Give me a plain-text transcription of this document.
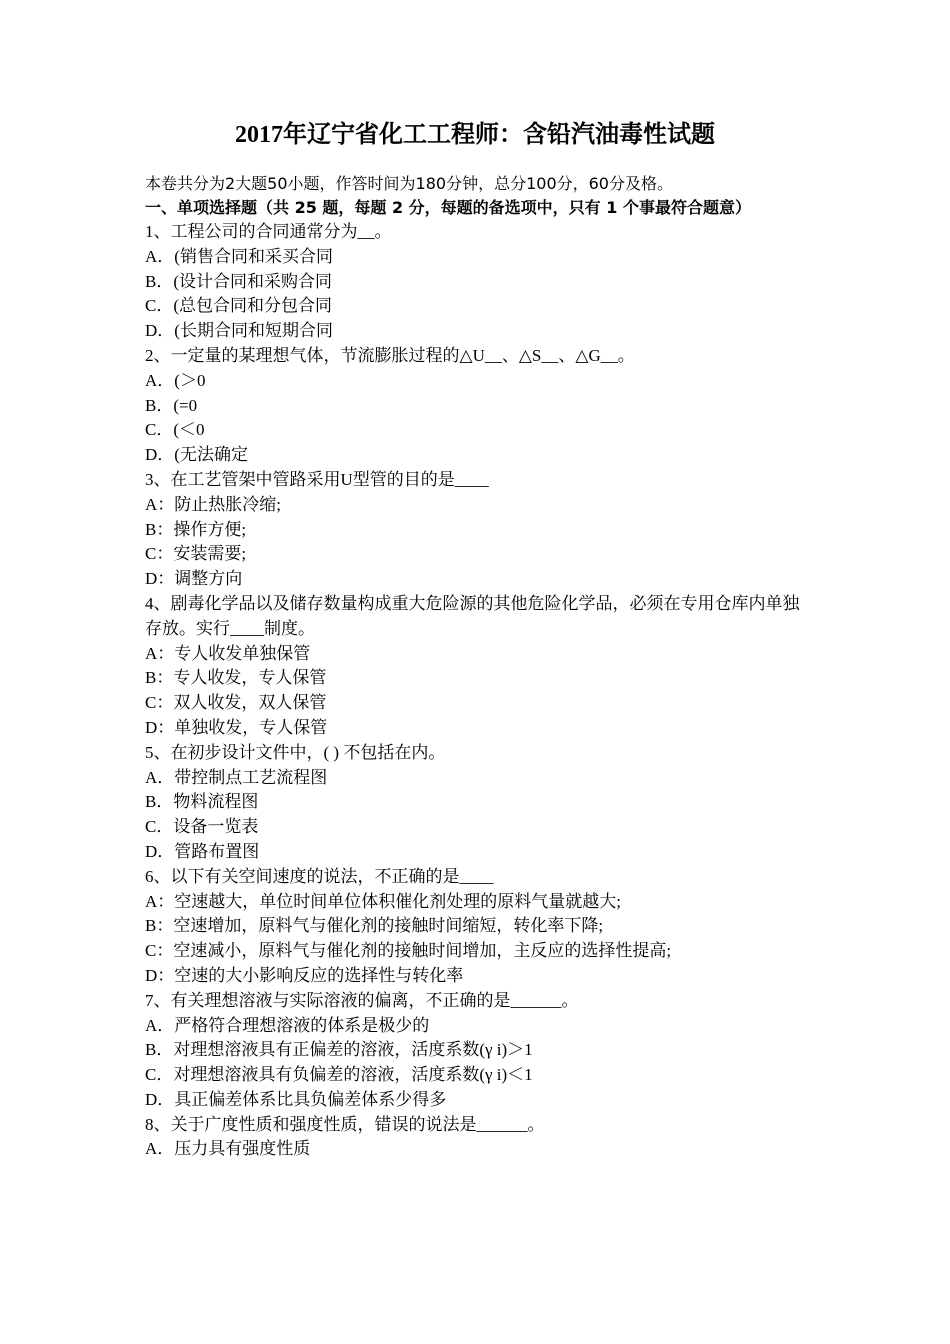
2017年辽宁省化工工程师：含铅汽油毒性试题
本卷共分为2大题50小题，作答时间为180分钟，总分100分，60分及格。
一、单项选择题（共 25 题，每题 2 分，每题的备选项中，只有 1 个事最符合题意）
1、工程公司的合同通常分为__。
A．(销售合同和采买合同
B．(设计合同和采购合同
C．(总包合同和分包合同
D．(长期合同和短期合同
2、一定量的某理想气体，节流膨胀过程的△U__、△S__、△G__。
A．(＞0
B．(=0
C．(＜0
D．(无法确定
3、在工艺管架中管路采用U型管的目的是____
A：防止热胀冷缩;
B：操作方便;
C：安装需要;
D：调整方向
4、剧毒化学品以及储存数量构成重大危险源的其他危险化学品，必须在专用仓库内单独存放。实行____制度。
A：专人收发单独保管
B：专人收发，专人保管
C：双人收发，双人保管
D：单独收发，专人保管
5、在初步设计文件中，( ) 不包括在内。
A．带控制点工艺流程图
B．物料流程图
C．设备一览表
D．管路布置图
6、以下有关空间速度的说法，不正确的是____
A：空速越大，单位时间单位体积催化剂处理的原料气量就越大;
B：空速增加，原料气与催化剂的接触时间缩短，转化率下降;
C：空速减小，原料气与催化剂的接触时间增加，主反应的选择性提高;
D：空速的大小影响反应的选择性与转化率
7、有关理想溶液与实际溶液的偏离，不正确的是______。
A．严格符合理想溶液的体系是极少的
B．对理想溶液具有正偏差的溶液，活度系数(γ i)＞1
C．对理想溶液具有负偏差的溶液，活度系数(γ i)＜1
D．具正偏差体系比具负偏差体系少得多
8、关于广度性质和强度性质，错误的说法是______。
A．压力具有强度性质
